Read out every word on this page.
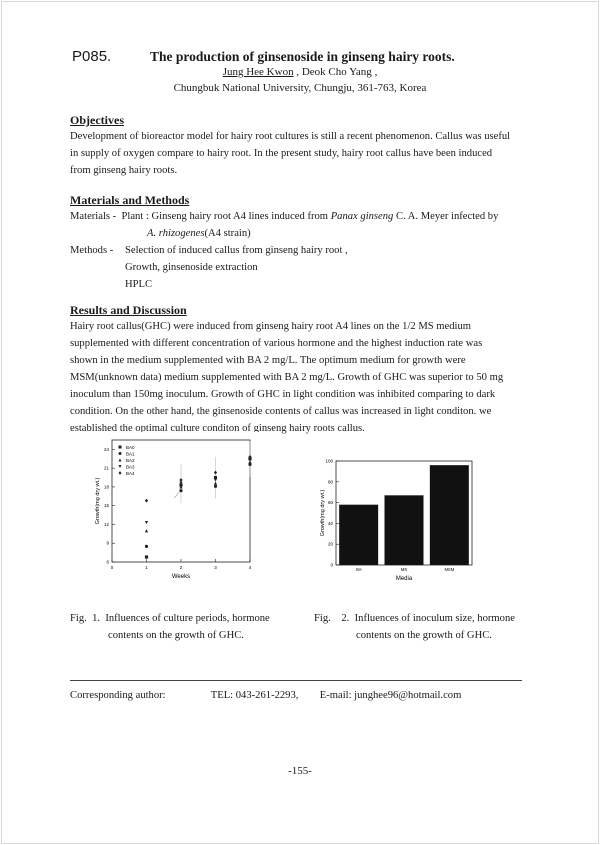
P085.	The production of ginsenoside in ginseng hairy roots.
Jung Hee Kwon , Deok Cho Yang ,
Chungbuk National University, Chungju, 361-763, Korea
Objectives
Development of bioreactor model for hairy root cultures is still a recent phenomenon. Callus was useful
in supply of oxygen compare to hairy root. In the present study, hairy root callus have been induced
from ginseng hairy roots.
Materials and Methods
Materials - Plant : Ginseng hairy root A4 lines induced from Panax ginseng C. A. Meyer infected by
A. rhizogenes(A4 strain)
Methods - Selection of induced callus from ginseng hairy root ,
Growth, ginsenoside extraction
HPLC
Results and Discussion
Hairy root callus(GHC) were induced from ginseng hairy root A4 lines on the 1/2 MS medium
supplemented with different concentration of various hormone and the highest induction rate was
shown in the medium supplemented with BA 2 mg/L. The optimum medium for growth were
MSM(unknown data) medium supplemented with BA 2 mg/L. Growth of GHC was superior to 50 mg
inoculum than 150mg inoculum. Growth of GHC in light condition was inhibited comparing to dark
condition. On the other hand, the ginsenoside contents of callus was increased in light conditon. we
established the optimal culture conditon of ginseng hairy roots callus.
0	1	2	3	4
6
9
12
15
18
21
24	BA0
BA1
BA2
BA3
BA4
Weeks
Growth(mg dry wt.)
0
20
40
60
80
100
SH	MS	MSM
Media
Growth(mg dry wt.)
Fig.  1.  Influences of culture periods, hormone
contents on the growth of GHC.
Fig.    2.  Influences of inoculum size, hormone
contents on the growth of GHC.
Corresponding author:	TEL: 043-261-2293, E-mail: junghee96@hotmail.com
-155-
